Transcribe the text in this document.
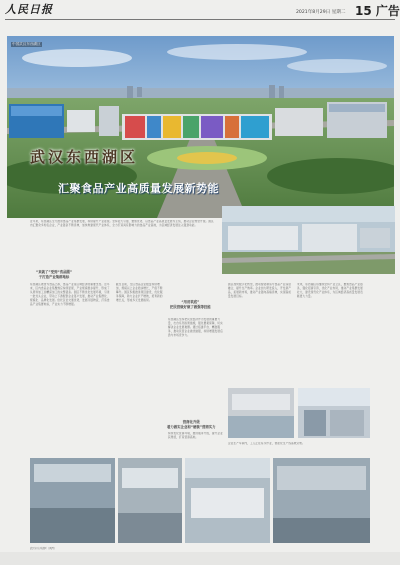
人民日报	2021年8月29日 星期二 15 广告
中国武汉东西湖区
武汉东西湖区
汇聚食品产业高质量发展新势能
近年来，东西湖区全力推进食品产业集群发展，持续提升产业能级。坚持招大引强、聚焦优势，以食品产业高质量发展为主线，推动企业转型升级。园区内汇聚众多知名企业，产业链条不断延伸，加快构建现代产业体系，全力打造具有影响力的食品产业高地，为区域经济发展注入强劲动能。
“来就了”受到“食品圈”
于打造产业集群地标
“用用筑底”
把民营做好做了做强等技能
营商化升级
着力做实企业和“硬核”营商实力
东西湖区被誉为食品之都，食品产业是区域经济的重要支柱。近年来，区内食品企业集聚效应持续显现，产业规模稳步提升，形成了从原料加工到精深加工的完整链条。园区不断优化发展环境，引进一批龙头企业，带动上下游配套企业落户发展，推动产业集群化、规模化、品牌化发展。依托区位交通优势，发展冷链物流，打造食品产业集群地标，产业实力不断增强。
截至目前，全区食品企业数量持续增加，规模以上企业稳步增长，产值不断攀升。园区积极推进项目建设，优化服务保障，助力企业扩产增效，培育新的增长点，形成多元发展格局。
东西湖区坚持把民营经济作为发展的重要力量，出台系列政策措施，强化要素保障，切实解决企业发展难题。通过搭建平台、精准服务，推动民营企业做优做强，持续增强发展后劲与市场竞争力。
持续优化营商环境，推进服务升级，提升企业获得感，打造营商高地。
园区加快数字化转型，推动智能制造与食品产业深度融合，提升生产效率。企业加大研发投入，开发新产品，拓展新市场，推动产业链向高端延伸，实现高质量发展目标。
未来，东西湖区将继续坚持产业立区，聚焦食品产业链条，强化招商引资，优化产业布局，推动产业集群发展壮大，建设现代化产业体系，为区域经济高质量发展贡献更大力量。
企业生产车间内，工人正在有序作业，智能化生产线高效运转。
武汉市东西湖区（供图）
